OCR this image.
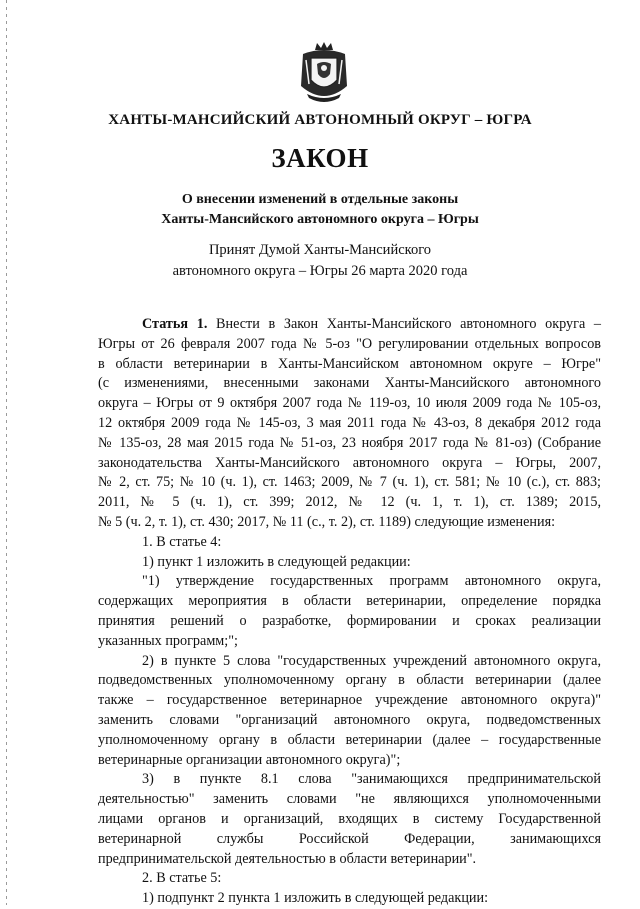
ХАНТЫ-МАНСИЙСКИЙ АВТОНОМНЫЙ ОКРУГ – ЮГРА
ЗАКОН
О внесении изменений в отдельные законы
Ханты-Мансийского автономного округа – Югры
Принят Думой Ханты-Мансийского
автономного округа – Югры 26 марта 2020 года

Статья 1. Внести в Закон Ханты-Мансийского автономного округа –

Югры от 26 февраля 2007 года № 5-оз "О регулировании отдельных вопросов

в области ветеринарии в Ханты-Мансийском автономном округе – Югре"

(с изменениями, внесенными законами Ханты-Мансийского автономного

округа – Югры от 9 октября 2007 года № 119-оз, 10 июля 2009 года № 105-оз,

12 октября 2009 года № 145-оз, 3 мая 2011 года № 43-оз, 8 декабря 2012 года

№ 135-оз, 28 мая 2015 года № 51-оз, 23 ноября 2017 года № 81-оз) (Собрание

законодательства Ханты-Мансийского автономного округа – Югры, 2007,

№ 2, ст. 75; № 10 (ч. 1), ст. 1463; 2009, № 7 (ч. 1), ст. 581; № 10 (с.), ст. 883;

2011, № 5 (ч. 1), ст. 399; 2012, № 12 (ч. 1, т. 1), ст. 1389; 2015,

№ 5 (ч. 2, т. 1), ст. 430; 2017, № 11 (с., т. 2), ст. 1189) следующие изменения:

1. В статье 4:

1) пункт 1 изложить в следующей редакции:

"1) утверждение государственных программ автономного округа,

содержащих мероприятия в области ветеринарии, определение порядка

принятия решений о разработке, формировании и сроках реализации

указанных программ;";

2) в пункте 5 слова "государственных учреждений автономного округа,

подведомственных уполномоченному органу в области ветеринарии (далее

также – государственное ветеринарное учреждение автономного округа)"

заменить словами "организаций автономного округа, подведомственных

уполномоченному органу в области ветеринарии (далее – государственные

ветеринарные организации автономного округа)";

3) в пункте 8.1 слова "занимающихся предпринимательской

деятельностью" заменить словами "не являющихся уполномоченными

лицами органов и организаций, входящих в систему Государственной

ветеринарной службы Российской Федерации, занимающихся

предпринимательской деятельностью в области ветеринарии".

2. В статье 5:

1) подпункт 2 пункта 1 изложить в следующей редакции:
